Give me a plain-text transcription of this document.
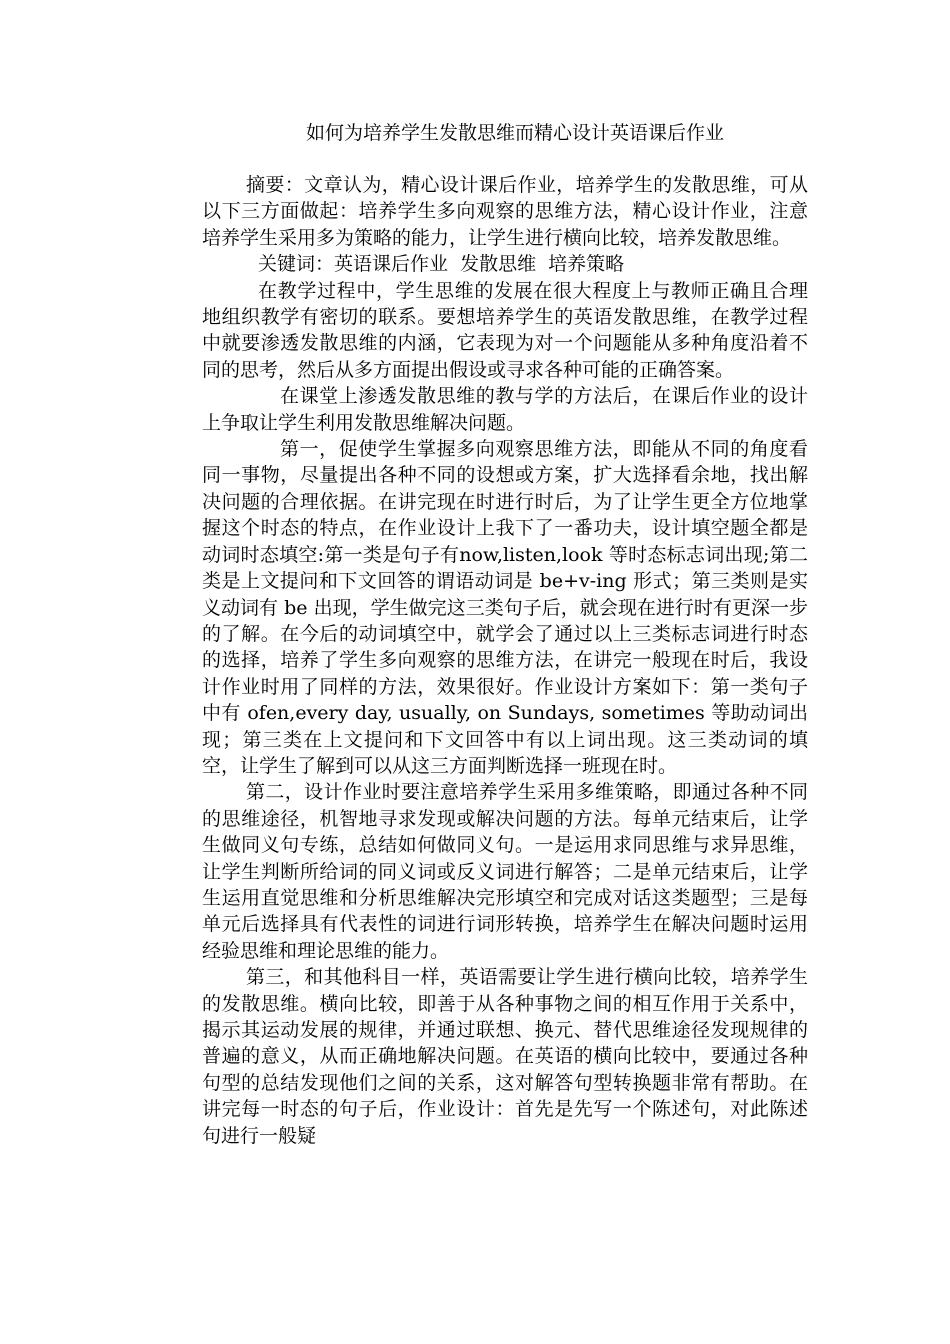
如何为培养学生发散思维而精心设计英语课后作业

摘要：文章认为，精心设计课后作业，培养学生的发散思维，可从以下三方面做起：培养学生多向观察的思维方法，精心设计作业，注意培养学生采用多为策略的能力，让学生进行横向比较，培养发散思维。

关键词：英语课后作业  发散思维  培养策略

在教学过程中，学生思维的发展在很大程度上与教师正确且合理地组织教学有密切的联系。要想培养学生的英语发散思维，在教学过程中就要渗透发散思维的内涵，它表现为对一个问题能从多种角度沿着不同的思考，然后从多方面提出假设或寻求各种可能的正确答案。

在课堂上渗透发散思维的教与学的方法后，在课后作业的设计上争取让学生利用发散思维解决问题。

第一，促使学生掌握多向观察思维方法，即能从不同的角度看同一事物，尽量提出各种不同的设想或方案，扩大选择看余地，找出解决问题的合理依据。在讲完现在时进行时后，为了让学生更全方位地掌握这个时态的特点，在作业设计上我下了一番功夫，设计填空题全都是动词时态填空:第一类是句子有now,listen,look 等时态标志词出现;第二类是上文提问和下文回答的谓语动词是 be+v-ing 形式；第三类则是实义动词有 be 出现，学生做完这三类句子后，就会现在进行时有更深一步的了解。在今后的动词填空中，就学会了通过以上三类标志词进行时态的选择，培养了学生多向观察的思维方法，在讲完一般现在时后，我设计作业时用了同样的方法，效果很好。作业设计方案如下：第一类句子中有 ofen,every day, usually, on Sundays, sometimes 等助动词出现；第三类在上文提问和下文回答中有以上词出现。这三类动词的填空，让学生了解到可以从这三方面判断选择一班现在时。

第二，设计作业时要注意培养学生采用多维策略，即通过各种不同的思维途径，机智地寻求发现或解决问题的方法。每单元结束后，让学生做同义句专练，总结如何做同义句。一是运用求同思维与求异思维，让学生判断所给词的同义词或反义词进行解答；二是单元结束后，让学生运用直觉思维和分析思维解决完形填空和完成对话这类题型；三是每单元后选择具有代表性的词进行词形转换，培养学生在解决问题时运用经验思维和理论思维的能力。

第三，和其他科目一样，英语需要让学生进行横向比较，培养学生的发散思维。横向比较，即善于从各种事物之间的相互作用于关系中，揭示其运动发展的规律，并通过联想、换元、替代思维途径发现规律的普遍的意义，从而正确地解决问题。在英语的横向比较中，要通过各种句型的总结发现他们之间的关系，这对解答句型转换题非常有帮助。在讲完每一时态的句子后，作业设计：首先是先写一个陈述句，对此陈述句进行一般疑
